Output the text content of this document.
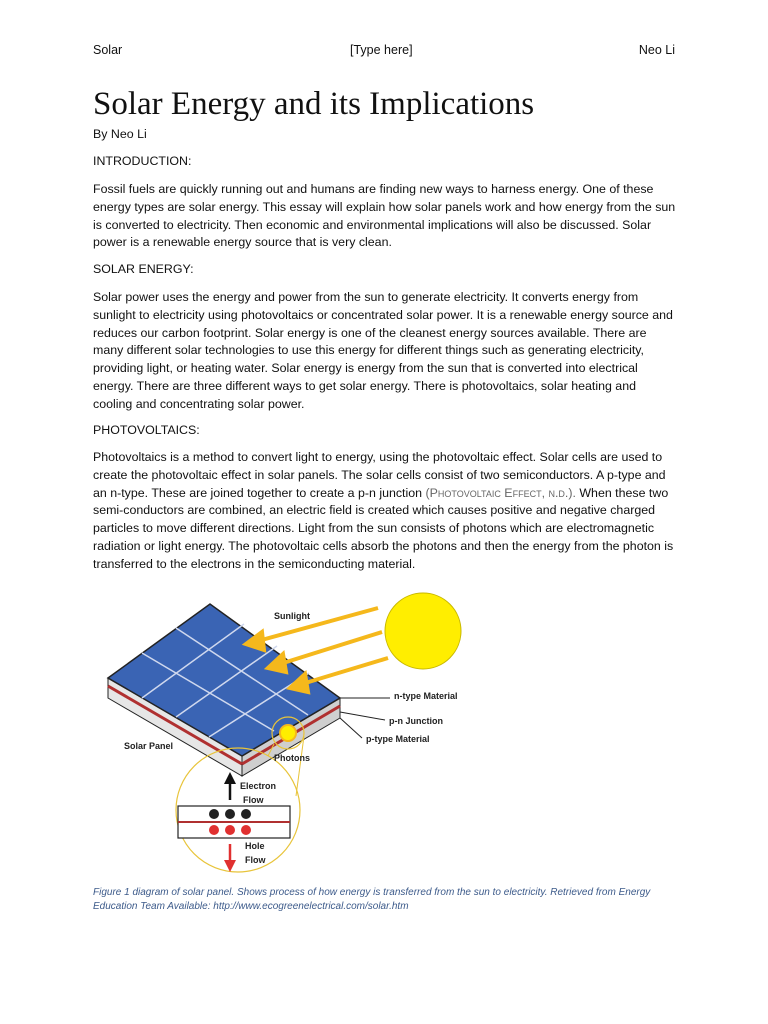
Solar	[Type here]	Neo Li
Solar Energy and its Implications

By Neo Li

INTRODUCTION:

Fossil fuels are quickly running out and humans are finding new ways to harness energy. One of these energy types are solar energy. This essay will explain how solar panels work and how energy from the sun is converted to electricity. Then economic and environmental implications will also be discussed. Solar power is a renewable energy source that is very clean.

SOLAR ENERGY:

Solar power uses the energy and power from the sun to generate electricity. It converts energy from sunlight to electricity using photovoltaics or concentrated solar power. It is a renewable energy source and reduces our carbon footprint. Solar energy is one of the cleanest energy sources available. There are many different solar technologies to use this energy for different things such as generating electricity, providing light, or heating water. Solar energy is energy from the sun that is converted into electrical energy. There are three different ways to get solar energy. There is photovoltaics, solar heating and cooling and concentrating solar power.

PHOTOVOLTAICS:

Photovoltaics is a method to convert light to energy, using the photovoltaic effect. Solar cells are used to create the photovoltaic effect in solar panels. The solar cells consist of two semiconductors. A p-type and an n-type. These are joined together to create a p-n junction (Photovoltaic Effect, n.d.). When these two semi-conductors are combined, an electric field is created which causes positive and negative charged particles to move different directions. Light from the sun consists of photons which are electromagnetic radiation or light energy. The photovoltaic cells absorb the photons and then the energy from the photon is transferred to the electrons in the semiconducting material.

Sunlight
n-type Material
p-n Junction
p-type Material
Solar Panel
Photons
Electron
Flow
Hole
Flow

Figure 1 diagram of solar panel. Shows process of how energy is transferred from the sun to electricity. Retrieved from Energy Education Team Available: http://www.ecogreenelectrical.com/solar.htm
